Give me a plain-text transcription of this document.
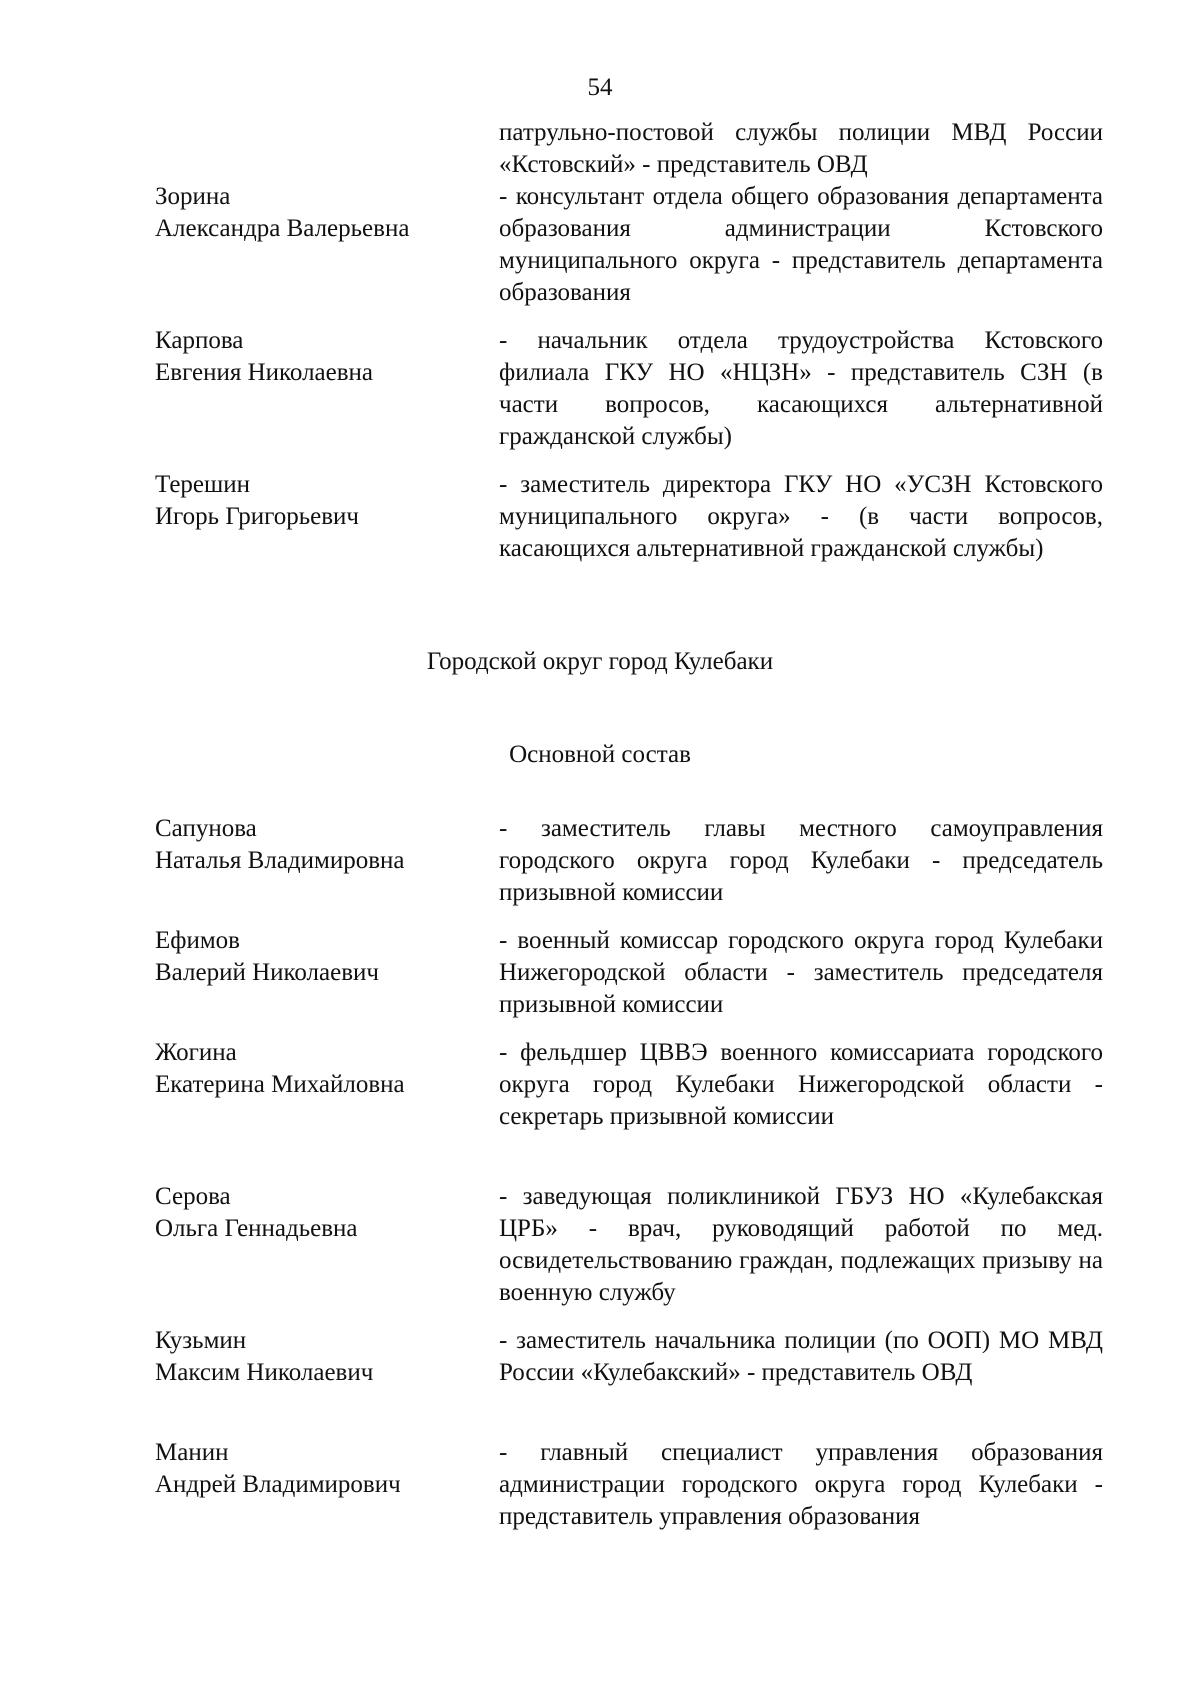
54
патрульно-постовой службы полиции МВД России «Кстовский» - представитель ОВД
Зорина
Александра Валерьевна
- консультант отдела общего образования департамента образования администрации Кстовского муниципального округа - представитель департамента образования
Карпова
Евгения Николаевна
- начальник отдела трудоустройства Кстовского филиала ГКУ НО «НЦЗН» - представитель СЗН (в части вопросов, касающихся альтернативной гражданской службы)
Терешин
Игорь Григорьевич
- заместитель директора ГКУ НО «УСЗН Кстовского муниципального округа» - (в части вопросов, касающихся альтернативной гражданской службы)
Городской округ город Кулебаки
Основной состав
Сапунова
Наталья Владимировна
- заместитель главы местного самоуправления городского округа город Кулебаки - председатель призывной комиссии
Ефимов
Валерий Николаевич
- военный комиссар городского округа город Кулебаки Нижегородской области - заместитель председателя призывной комиссии
Жогина
Екатерина Михайловна
- фельдшер ЦВВЭ военного комиссариата городского округа город Кулебаки Нижегородской области - секретарь призывной комиссии
Серова
Ольга Геннадьевна
- заведующая поликлиникой ГБУЗ НО «Кулебакская ЦРБ» - врач, руководящий работой по мед. освидетельствованию граждан, подлежащих призыву на военную службу
Кузьмин
Максим Николаевич
- заместитель начальника полиции (по ООП) МО МВД России «Кулебакский» - представитель ОВД
Манин
Андрей Владимирович
- главный специалист управления образования администрации городского округа город Кулебаки - представитель управления образования
